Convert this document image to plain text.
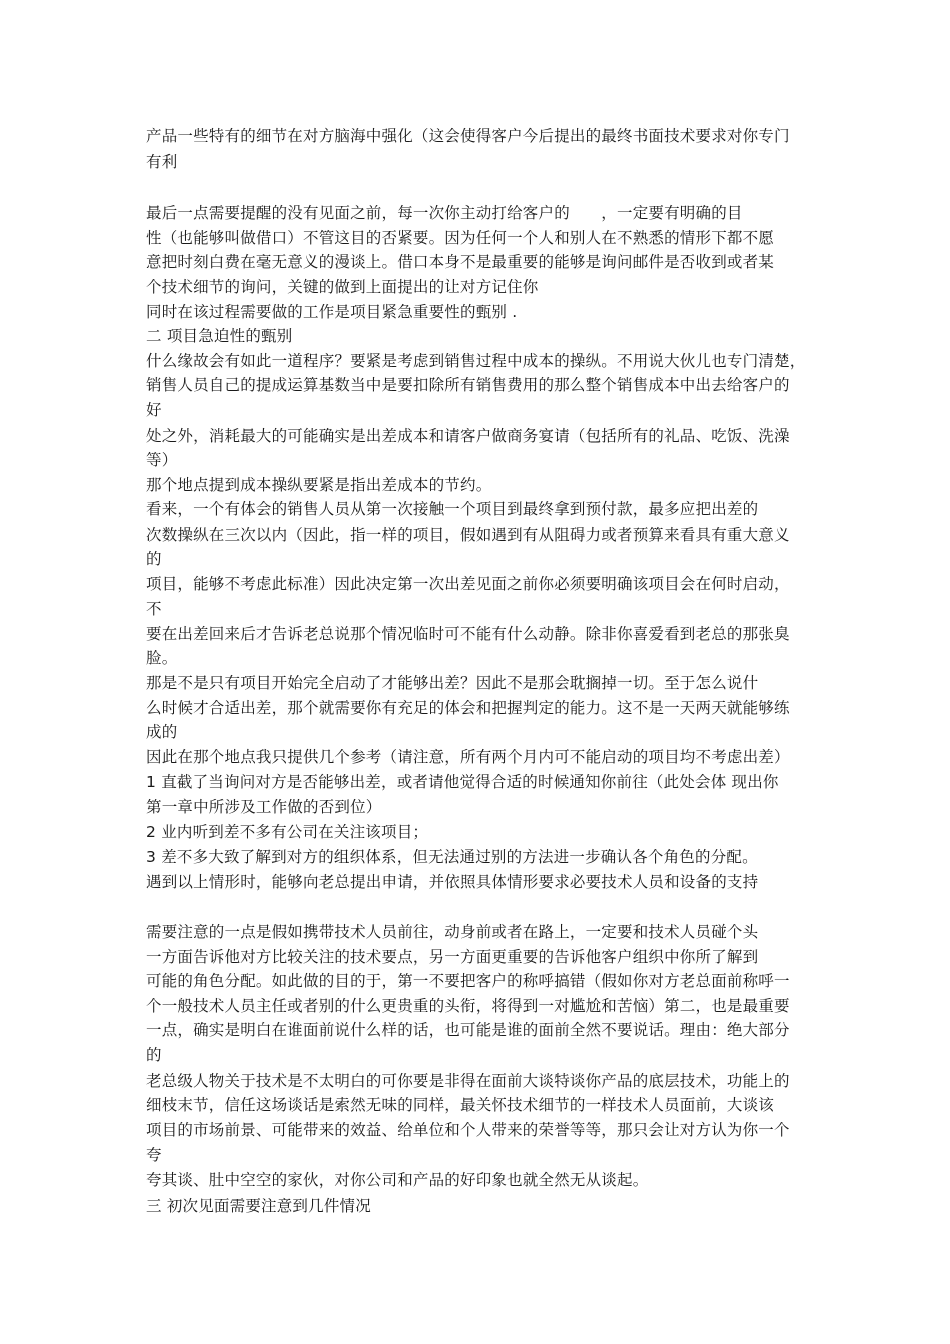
产品一些特有的细节在对方脑海中强化（这会使得客户今后提出的最终书面技术要求对你专门
有利
最后一点需要提醒的没有见面之前，每一次你主动打给客户的　　，一定要有明确的目
性（也能够叫做借口）不管这目的否紧要。因为任何一个人和别人在不熟悉的情形下都不愿
意把时刻白费在毫无意义的漫谈上。借口本身不是最重要的能够是询问邮件是否收到或者某
个技术细节的询问，关键的做到上面提出的让对方记住你
同时在该过程需要做的工作是项目紧急重要性的甄别 .
二 项目急迫性的甄别
什么缘故会有如此一道程序？要紧是考虑到销售过程中成本的操纵。不用说大伙儿也专门清楚，
销售人员自己的提成运算基数当中是要扣除所有销售费用的那么整个销售成本中出去给客户的
好
处之外，消耗最大的可能确实是出差成本和请客户做商务宴请（包括所有的礼品、吃饭、洗澡
等）
那个地点提到成本操纵要紧是指出差成本的节约。
看来，一个有体会的销售人员从第一次接触一个项目到最终拿到预付款，最多应把出差的
次数操纵在三次以内（因此，指一样的项目，假如遇到有从阻碍力或者预算来看具有重大意义
的
项目，能够不考虑此标准）因此决定第一次出差见面之前你必须要明确该项目会在何时启动，
不
要在出差回来后才告诉老总说那个情况临时可不能有什么动静。除非你喜爱看到老总的那张臭
脸。
那是不是只有项目开始完全启动了才能够出差？因此不是那会耽搁掉一切。至于怎么说什
么时候才合适出差，那个就需要你有充足的体会和把握判定的能力。这不是一天两天就能够练
成的
因此在那个地点我只提供几个参考（请注意，所有两个月内可不能启动的项目均不考虑出差）
1 直截了当询问对方是否能够出差，或者请他觉得合适的时候通知你前往（此处会体 现出你
第一章中所涉及工作做的否到位）
2 业内听到差不多有公司在关注该项目；
3 差不多大致了解到对方的组织体系，但无法通过别的方法进一步确认各个角色的分配。
遇到以上情形时，能够向老总提出申请，并依照具体情形要求必要技术人员和设备的支持
需要注意的一点是假如携带技术人员前往，动身前或者在路上，一定要和技术人员碰个头
一方面告诉他对方比较关注的技术要点，另一方面更重要的告诉他客户组织中你所了解到
可能的角色分配。如此做的目的于，第一不要把客户的称呼搞错（假如你对方老总面前称呼一
个一般技术人员主任或者别的什么更贵重的头衔，将得到一对尴尬和苦恼）第二，也是最重要
一点，确实是明白在谁面前说什么样的话，也可能是谁的面前全然不要说话。理由：绝大部分
的
老总级人物关于技术是不太明白的可你要是非得在面前大谈特谈你产品的底层技术，功能上的
细枝末节，信任这场谈话是索然无味的同样，最关怀技术细节的一样技术人员面前，大谈该
项目的市场前景、可能带来的效益、给单位和个人带来的荣誉等等，那只会让对方认为你一个
夸
夸其谈、肚中空空的家伙，对你公司和产品的好印象也就全然无从谈起。
三 初次见面需要注意到几件情况
